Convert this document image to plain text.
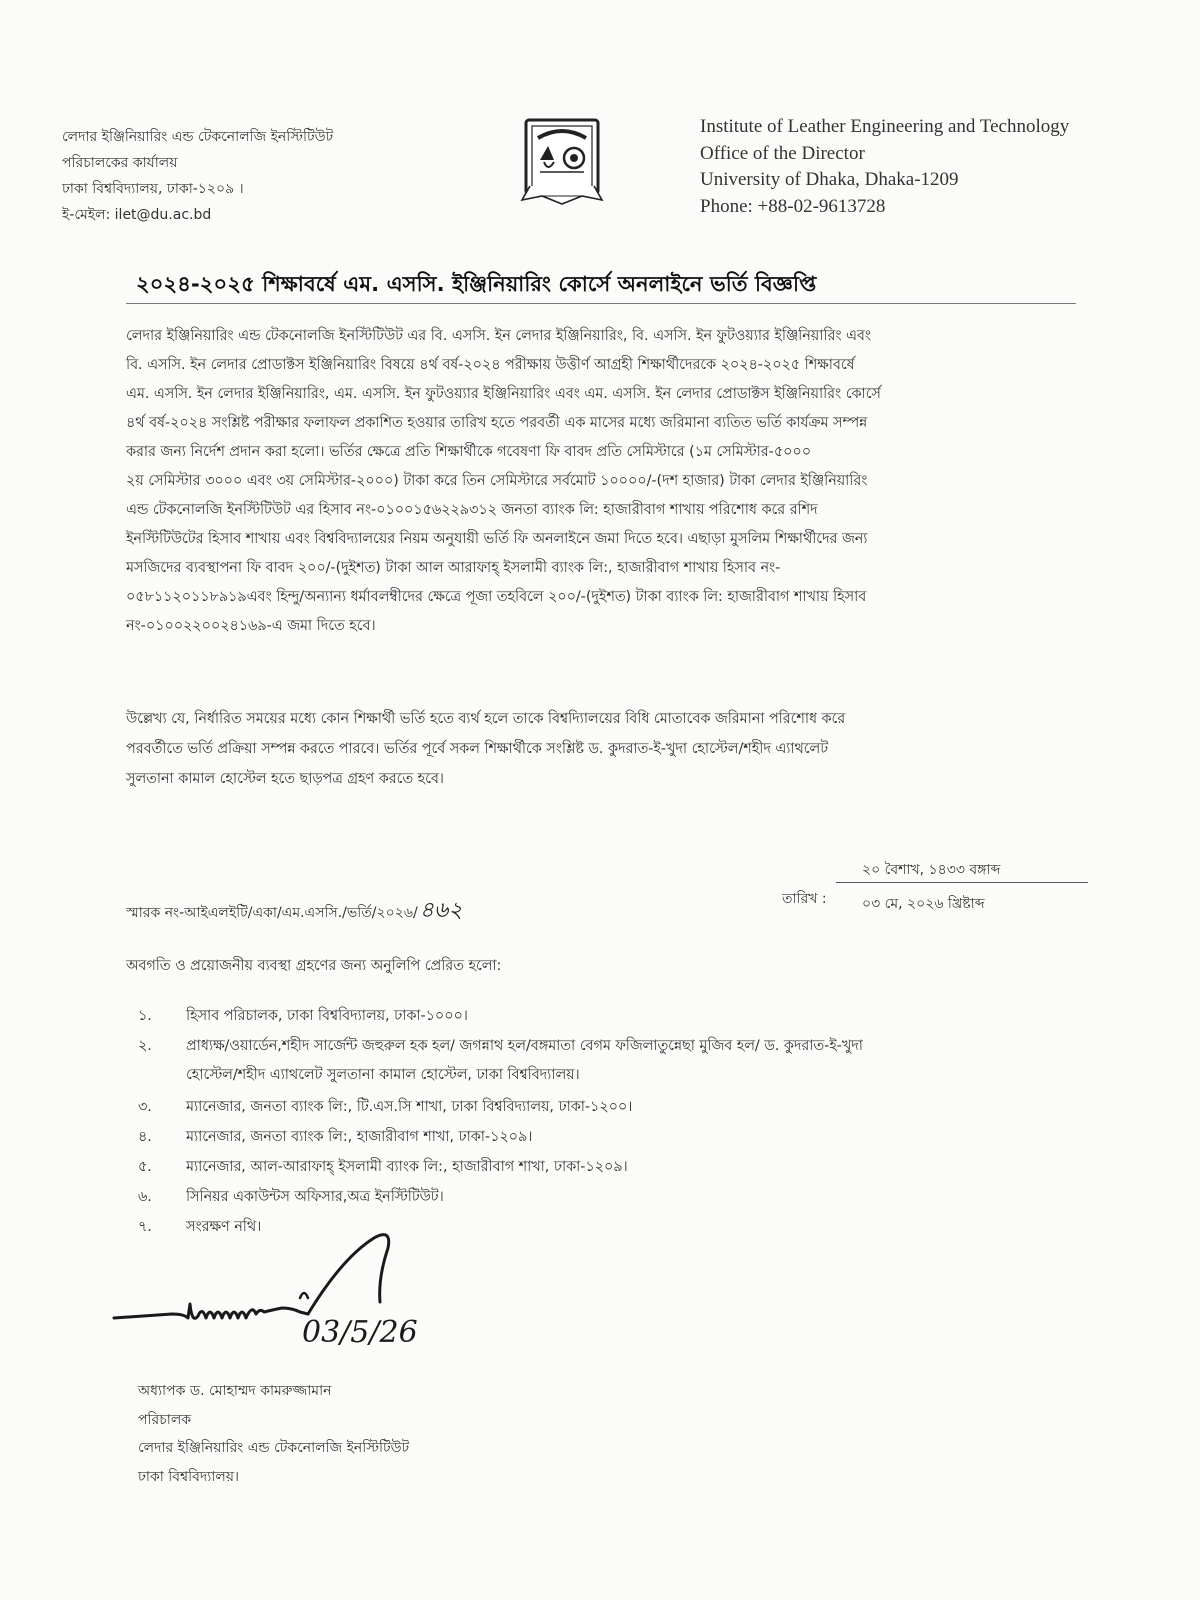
লেদার ইঞ্জিনিয়ারিং এন্ড টেকনোলজি ইনস্টিটিউট
পরিচালকের কার্যালয়
ঢাকা বিশ্ববিদ্যালয়, ঢাকা-১২০৯ ।
ই-মেইল: ilet@du.ac.bd
Institute of Leather Engineering and Technology
Office of the Director
University of Dhaka, Dhaka-1209
Phone: +88-02-9613728
২০২৪-২০২৫ শিক্ষাবর্ষে এম. এসসি. ইঞ্জিনিয়ারিং কোর্সে অনলাইনে ভর্তি বিজ্ঞপ্তি
লেদার ইঞ্জিনিয়ারিং এন্ড টেকনোলজি ইনস্টিটিউট এর বি. এসসি. ইন লেদার ইঞ্জিনিয়ারিং, বি. এসসি. ইন ফুটওয়্যার ইঞ্জিনিয়ারিং এবং
বি. এসসি. ইন লেদার প্রোডাক্টস ইঞ্জিনিয়ারিং বিষয়ে ৪র্থ বর্ষ-২০২৪ পরীক্ষায় উত্তীর্ণ আগ্রহী শিক্ষার্থীদেরকে ২০২৪-২০২৫ শিক্ষাবর্ষে
এম. এসসি. ইন লেদার ইঞ্জিনিয়ারিং, এম. এসসি. ইন ফুটওয়্যার ইঞ্জিনিয়ারিং এবং এম. এসসি. ইন লেদার প্রোডাক্টস ইঞ্জিনিয়ারিং কোর্সে
৪র্থ বর্ষ-২০২৪ সংশ্লিষ্ট পরীক্ষার ফলাফল প্রকাশিত হওয়ার তারিখ হতে পরবর্তী এক মাসের মধ্যে জরিমানা ব্যতিত ভর্তি কার্যক্রম সম্পন্ন
করার জন্য নির্দেশ প্রদান করা হলো। ভর্তির ক্ষেত্রে প্রতি শিক্ষার্থীকে গবেষণা ফি বাবদ প্রতি সেমিস্টারে (১ম সেমিস্টার-৫০০০
২য় সেমিস্টার ৩০০০ এবং ৩য় সেমিস্টার-২০০০) টাকা করে তিন সেমিস্টারে সর্বমোট ১০০০০/-(দশ হাজার) টাকা লেদার ইঞ্জিনিয়ারিং
এন্ড টেকনোলজি ইনস্টিটিউট এর হিসাব নং-০১০০১৫৬২২৯৩১২ জনতা ব্যাংক লি: হাজারীবাগ শাখায় পরিশোধ করে রশিদ
ইনস্টিটিউটের হিসাব শাখায় এবং বিশ্ববিদ্যালয়ের নিয়ম অনুযায়ী ভর্তি ফি অনলাইনে জমা দিতে হবে। এছাড়া মুসলিম শিক্ষার্থীদের জন্য
মসজিদের ব্যবস্থাপনা ফি বাবদ ২০০/-(দুইশত) টাকা আল আরাফাহ্ ইসলামী ব্যাংক লি:, হাজারীবাগ শাখায় হিসাব নং-
০৫৮১১২০১১৮৯১৯এবং হিন্দু/অন্যান্য ধর্মাবলম্বীদের ক্ষেত্রে পূজা তহবিলে ২০০/-(দুইশত) টাকা ব্যাংক লি: হাজারীবাগ শাখায় হিসাব
নং-০১০০২২০০২৪১৬৯-এ জমা দিতে হবে।
উল্লেখ্য যে, নির্ধারিত সময়ের মধ্যে কোন শিক্ষার্থী ভর্তি হতে ব্যর্থ হলে তাকে বিশ্বদ্যিালয়ের বিধি মোতাবেক জরিমানা পরিশোধ করে
পরবর্তীতে ভর্তি প্রক্রিয়া সম্পন্ন করতে পারবে। ভর্তির পূর্বে সকল শিক্ষার্থীকে সংশ্লিষ্ট ড. কুদরাত-ই-খুদা হোস্টেল/শহীদ এ্যাথলেট
সুলতানা কামাল হোস্টেল হতে ছাড়পত্র গ্রহণ করতে হবে।
স্মারক নং-আইএলইটি/একা/এম.এসসি./ভর্তি/২০২৬/৪৬২	তারিখ :
২০ বৈশাখ, ১৪৩৩ বঙ্গাব্দ
০৩ মে, ২০২৬ খ্রিষ্টাব্দ
অবগতি ও প্রয়োজনীয় ব্যবস্থা গ্রহণের জন্য অনুলিপি প্রেরিত হলো:
১. হিসাব পরিচালক, ঢাকা বিশ্ববিদ্যালয়, ঢাকা-১০০০।
২. প্রাধ্যক্ষ/ওয়ার্ডেন,শহীদ সার্জেন্ট জহুরুল হক হল/ জগন্নাথ হল/বঙ্গমাতা বেগম ফজিলাতুন্নেছা মুজিব হল/ ড. কুদরাত-ই-খুদা
হোস্টেল/শহীদ এ্যাথলেট সুলতানা কামাল হোস্টেল, ঢাকা বিশ্ববিদ্যালয়।
৩. ম্যানেজার, জনতা ব্যাংক লি:, টি.এস.সি শাখা, ঢাকা বিশ্ববিদ্যালয়, ঢাকা-১২০০।
৪. ম্যানেজার, জনতা ব্যাংক লি:, হাজারীবাগ শাখা, ঢাকা-১২০৯।
৫. ম্যানেজার, আল-আরাফাহ্ ইসলামী ব্যাংক লি:, হাজারীবাগ শাখা, ঢাকা-১২০৯।
৬. সিনিয়র একাউন্টস অফিসার,অত্র ইনস্টিটিউট।
৭. সংরক্ষণ নথি।
03/5/26
অধ্যাপক ড. মোহাম্মদ কামরুজ্জামান
পরিচালক
লেদার ইঞ্জিনিয়ারিং এন্ড টেকনোলজি ইনস্টিটিউট
ঢাকা বিশ্ববিদ্যালয়।
